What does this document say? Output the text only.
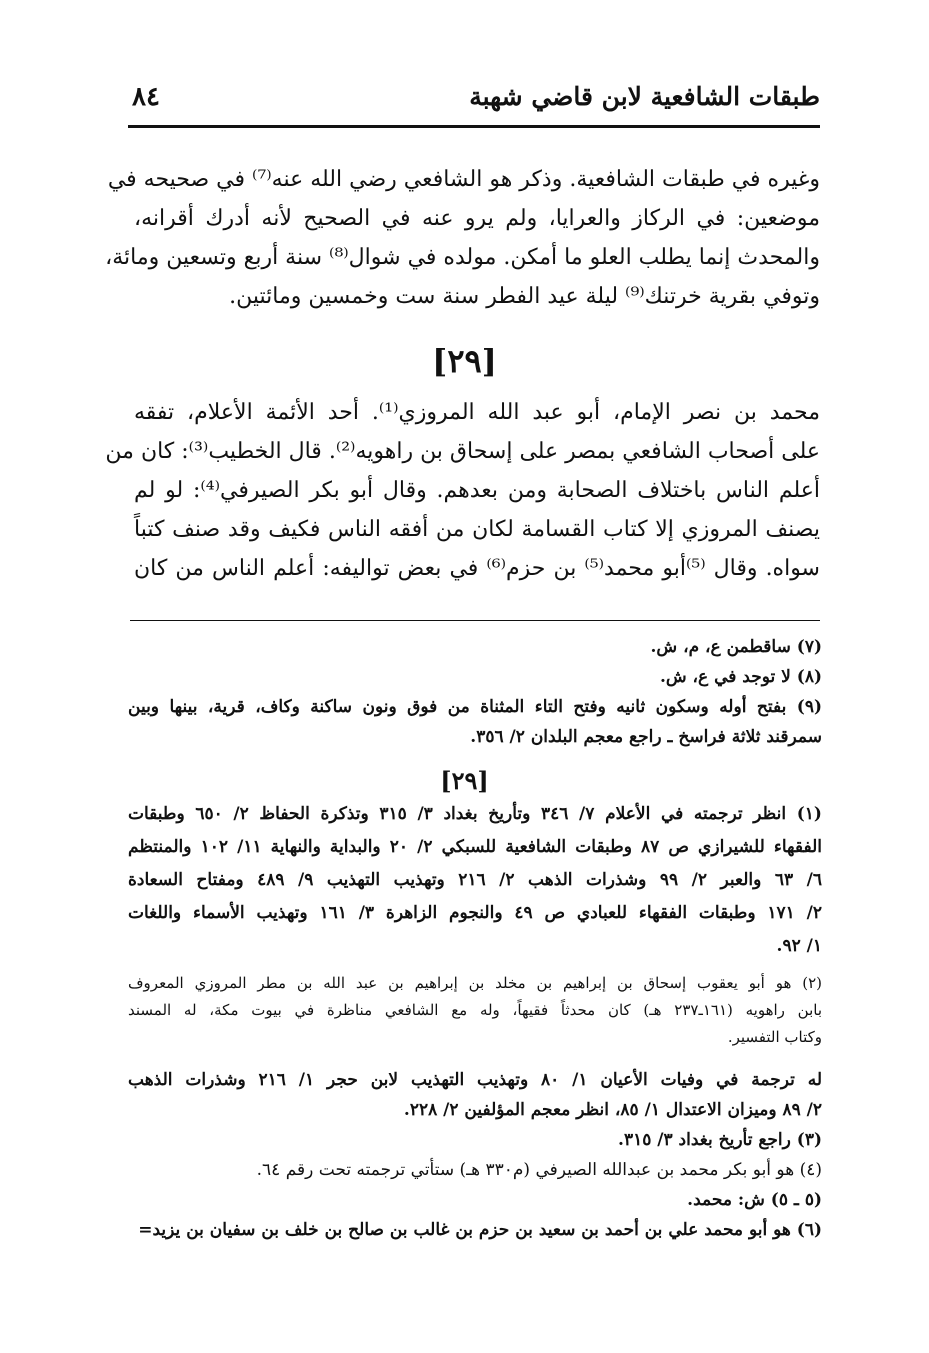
طبقات الشافعية لابن قاضي شهبة
٨٤
وغيره في طبقات الشافعية. وذكر هو الشافعي رضي الله عنه⁽⁷⁾ في صحيحه في
موضعين: في الركاز والعرايا، ولم يرو عنه في الصحيح لأنه أدرك أقرانه،
والمحدث إنما يطلب العلو ما أمكن. مولده في شوال⁽⁸⁾ سنة أربع وتسعين ومائة،
وتوفي بقرية خرتنك⁽⁹⁾ ليلة عيد الفطر سنة ست وخمسين ومائتين.
[٢٩]
محمد بن نصر الإمام، أبو عبد الله المروزي⁽¹⁾. أحد الأئمة الأعلام، تفقه
على أصحاب الشافعي بمصر على إسحاق بن راهويه⁽²⁾. قال الخطيب⁽³⁾: كان من
أعلم الناس باختلاف الصحابة ومن بعدهم. وقال أبو بكر الصيرفي⁽⁴⁾: لو لم
يصنف المروزي إلا كتاب القسامة لكان من أفقه الناس فكيف وقد صنف كتباً
سواه. وقال ⁽⁵⁾أبو محمد⁽⁵⁾ بن حزم⁽⁶⁾ في بعض تواليفه: أعلم الناس من كان
(٧) ساقطمن ع، م، ش.
(٨) لا توجد في ع، ش.
(٩) بفتح أوله وسكون ثانيه وفتح التاء المثناة من فوق ونون ساكنة وكاف، قرية، بينها وبين
سمرقند ثلاثة فراسخ ـ راجع معجم البلدان ٢/ ٣٥٦.
[٢٩]
(١) انظر ترجمته في الأعلام ٧/ ٣٤٦ وتأريخ بغداد ٣/ ٣١٥ وتذكرة الحفاظ ٢/ ٦٥٠ وطبقات
الفقهاء للشيرازي ص ٨٧ وطبقات الشافعية للسبكي ٢/ ٢٠ والبداية والنهاية ١١/ ١٠٢ والمنتظم
٦/ ٦٣ والعبر ٢/ ٩٩ وشذرات الذهب ٢/ ٢١٦ وتهذيب التهذيب ٩/ ٤٨٩ ومفتاح السعادة
٢/ ١٧١ وطبقات الفقهاء للعبادي ص ٤٩ والنجوم الزاهرة ٣/ ١٦١ وتهذيب الأسماء واللغات
١/ ٩٢.
(٢) هو أبو يعقوب إسحاق بن إبراهيم بن مخلد بن إبراهيم بن عبد الله بن مطر المروزي المعروف
بابن راهويه (١٦١ـ٢٣٧ هـ) كان محدثاً فقيهاً، وله مع الشافعي مناظرة في بيوت مكة، له المسند
وكتاب التفسير.
له ترجمة في وفيات الأعيان ١/ ٨٠ وتهذيب التهذيب لابن حجر ١/ ٢١٦ وشذرات الذهب
٢/ ٨٩ وميزان الاعتدال ١/ ٨٥، انظر معجم المؤلفين ٢/ ٢٢٨.
(٣) راجع تأريخ بغداد ٣/ ٣١٥.
(٤) هو أبو بكر محمد بن عبدالله الصيرفي (م٣٣٠ هـ) ستأتي ترجمته تحت رقم ٦٤.
(٥ ـ ٥) ش: محمد.
(٦) هو أبو محمد علي بن أحمد بن سعيد بن حزم بن غالب بن صالح بن خلف بن سفيان بن يزيد=
